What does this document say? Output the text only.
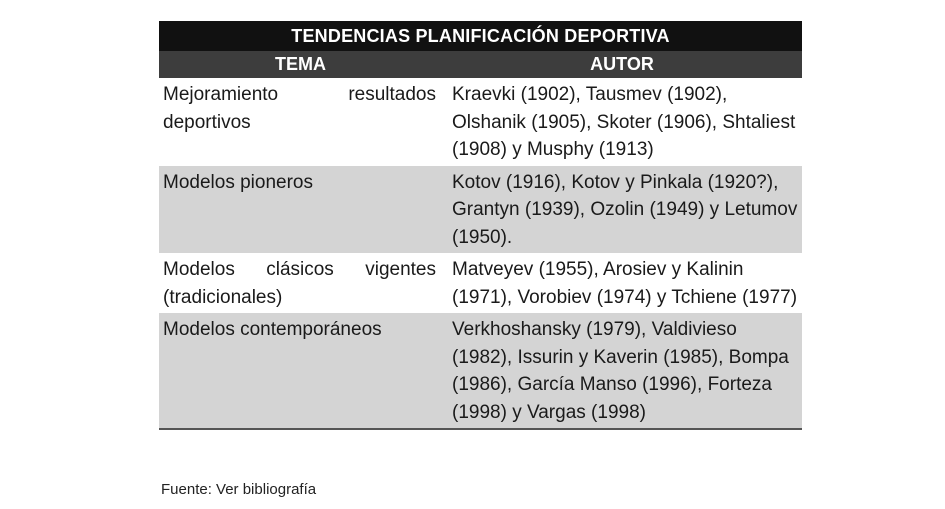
TENDENCIAS PLANIFICACIÓN DEPORTIVA	
TEMA	AUTOR
Mejoramiento resultados deportivos	Kraevki (1902), Tausmev (1902), Olshanik (1905), Skoter (1906), Shtaliest (1908) y Musphy (1913)
Modelos pioneros	Kotov (1916), Kotov y Pinkala (1920?), Grantyn (1939), Ozolin (1949) y Letumov (1950).
Modelos clásicos vigentes (tradicionales)	Matveyev (1955), Arosiev y Kalinin (1971), Vorobiev (1974) y Tchiene (1977)
Modelos contemporáneos	Verkhoshansky (1979), Valdivieso (1982), Issurin y Kaverin (1985), Bompa (1986), García Manso (1996), Forteza (1998) y Vargas (1998)
Fuente: Ver bibliografía
